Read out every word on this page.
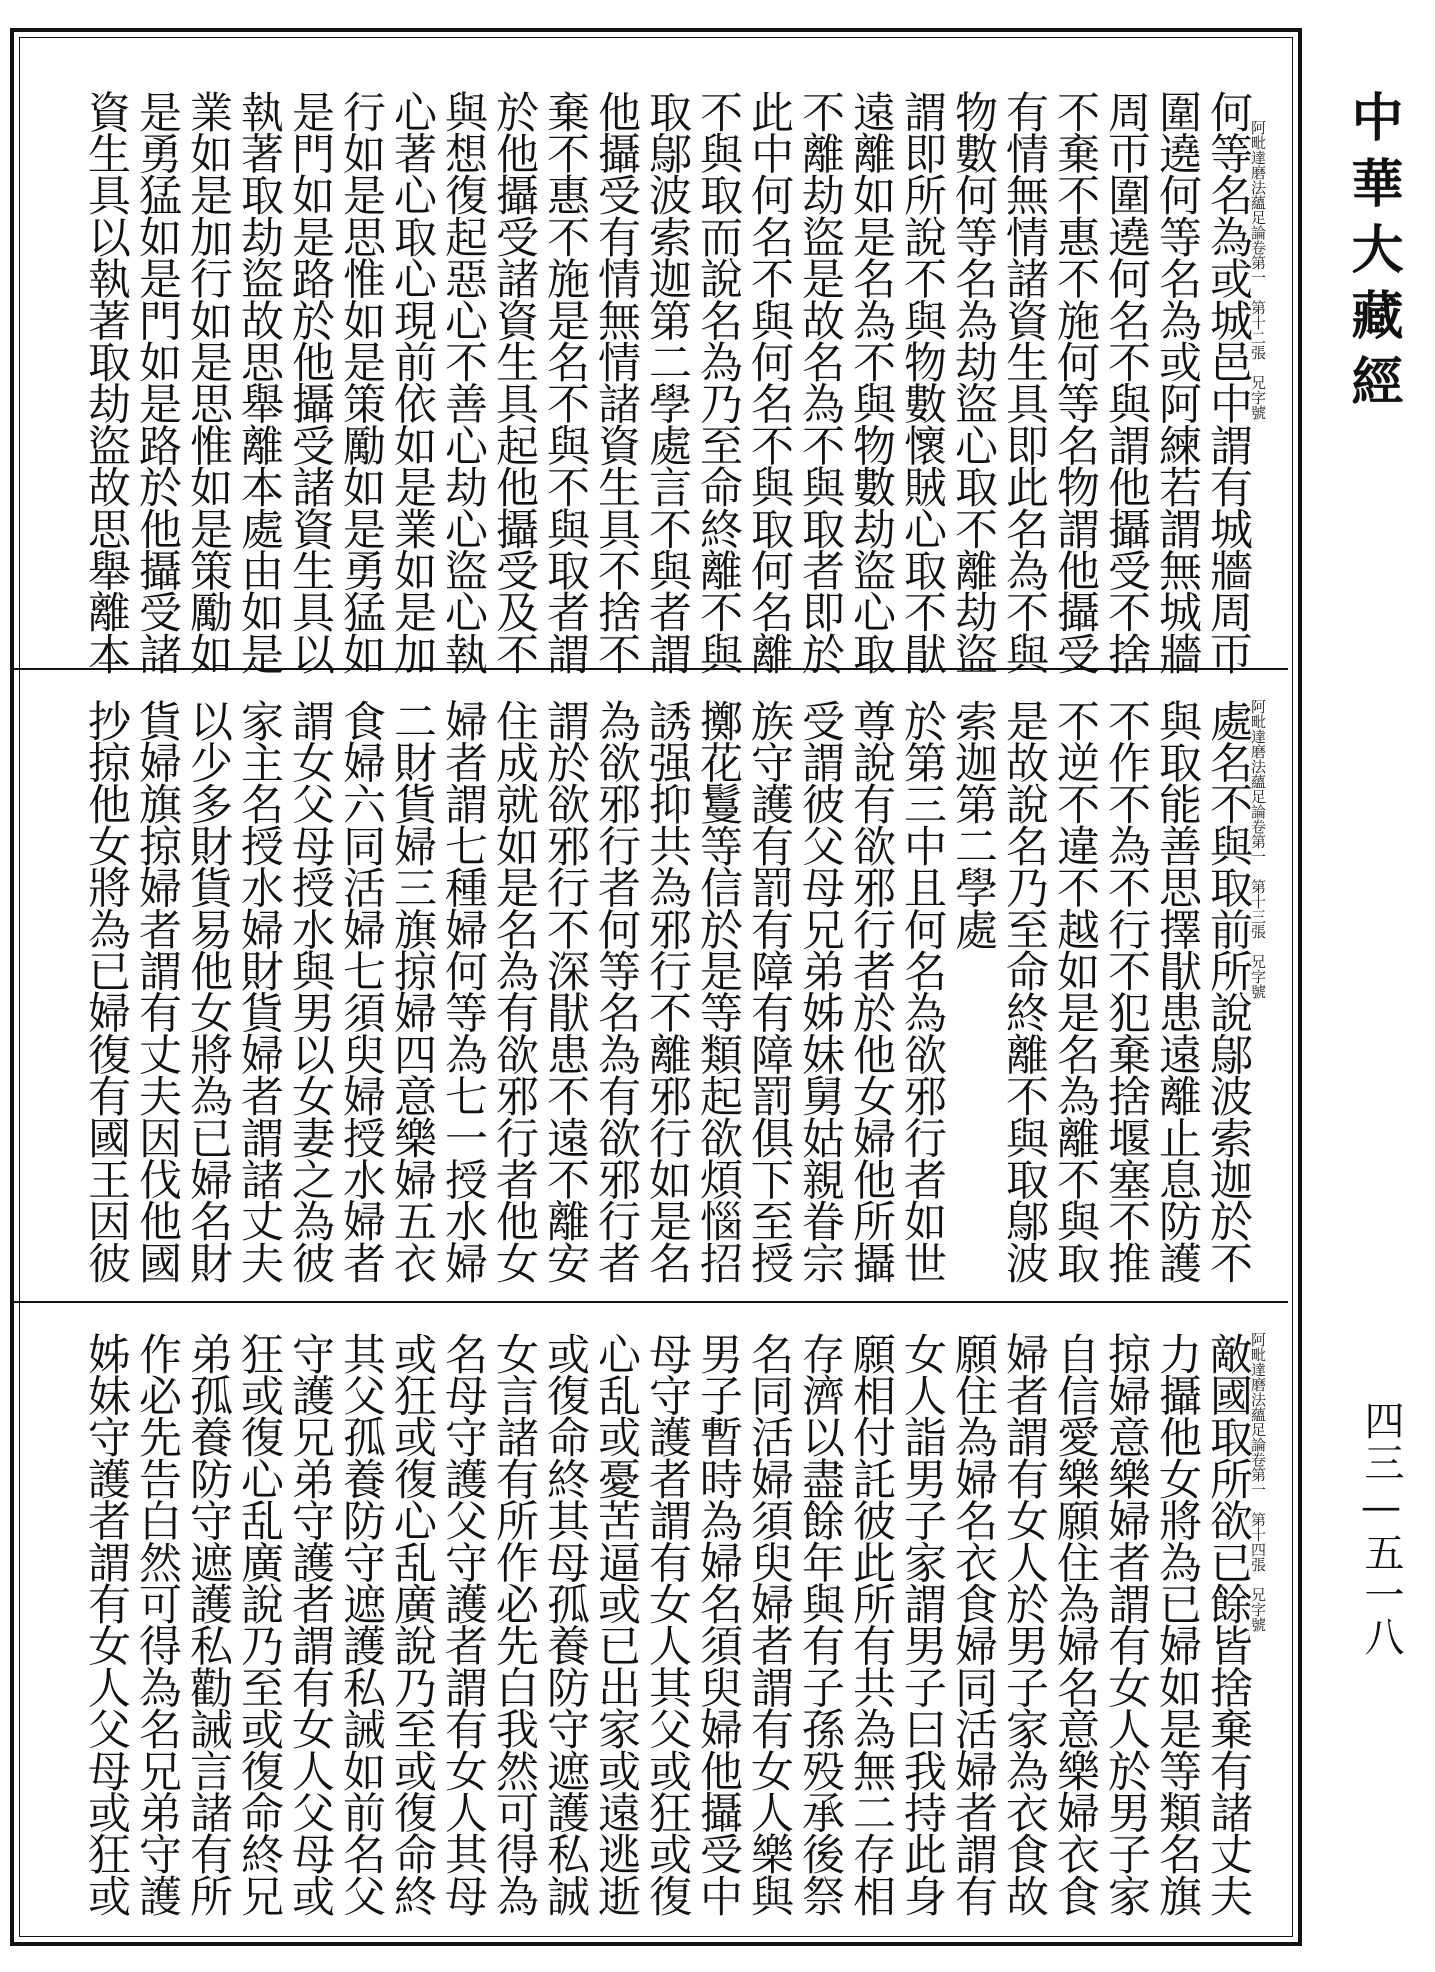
阿毗達磨法蘊足論卷第一　第十二張　兄字號
何等名為或城邑中謂有城牆周帀
圍遶何等名為或阿練若謂無城牆
周帀圍遶何名不與謂他攝受不捨
不棄不惠不施何等名物謂他攝受
有情無情諸資生具即此名為不與
物數何等名為劫盜心取不離劫盜
謂即所說不與物數懷賊心取不猒
遠離如是名為不與物數劫盜心取
不離劫盜是故名為不與取者即於
此中何名不與何名不與取何名離
不與取而說名為乃至命終離不與
取鄔波索迦第二學處言不與者謂
他攝受有情無情諸資生具不捨不
棄不惠不施是名不與不與取者謂
於他攝受諸資生具起他攝受及不
與想復起惡心不善心劫心盜心執
心著心取心現前依如是業如是加
行如是思惟如是策勵如是勇猛如
是門如是路於他攝受諸資生具以
執著取劫盜故思舉離本處由如是
業如是加行如是思惟如是策勵如
是勇猛如是門如是路於他攝受諸
資生具以執著取劫盜故思舉離本
阿毗達磨法蘊足論卷第一　第十三張　兄字號
處名不與取前所說鄔波索迦於不
與取能善思擇猒患遠離止息防護
不作不為不行不犯棄捨堰塞不推
不逆不違不越如是名為離不與取
是故說名乃至命終離不與取鄔波
索迦第二學處
於第三中且何名為欲邪行者如世
尊說有欲邪行者於他女婦他所攝
受謂彼父母兄弟姊妹舅姑親眷宗
族守護有罰有障有障罰俱下至授
擲花鬘等信於是等類起欲煩惱招
誘强抑共為邪行不離邪行如是名
為欲邪行者何等名為有欲邪行者
謂於欲邪行不深猒患不遠不離安
住成就如是名為有欲邪行者他女
婦者謂七種婦何等為七一授水婦
二財貨婦三旗掠婦四意樂婦五衣
食婦六同活婦七須臾婦授水婦者
謂女父母授水與男以女妻之為彼
家主名授水婦財貨婦者謂諸丈夫
以少多財貨易他女將為已婦名財
貨婦旗掠婦者謂有丈夫因伐他國
抄掠他女將為已婦復有國王因彼
阿毗達磨法蘊足論卷第一　第十四張　兄字號
敵國取所欲已餘皆捨棄有諸丈夫
力攝他女將為已婦如是等類名旗
掠婦意樂婦者謂有女人於男子家
自信愛樂願住為婦名意樂婦衣食
婦者謂有女人於男子家為衣食故
願住為婦名衣食婦同活婦者謂有
女人詣男子家謂男子曰我持此身
願相付託彼此所有共為無二存相
存濟以盡餘年與有子孫殁承後祭
名同活婦須臾婦者謂有女人樂與
男子暫時為婦名須臾婦他攝受中
母守護者謂有女人其父或狂或復
心乱或憂苦逼或已出家或遠逃逝
或復命終其母孤養防守遮護私誠
女言諸有所作必先白我然可得為
名母守護父守護者謂有女人其母
或狂或復心乱廣說乃至或復命終
其父孤養防守遮護私誡如前名父
守護兄弟守護者謂有女人父母或
狂或復心乱廣說乃至或復命終兄
弟孤養防守遮護私勸誡言諸有所
作必先告白然可得為名兄弟守護
姊妹守護者謂有女人父母或狂或
中華大藏經
四三—五一八
